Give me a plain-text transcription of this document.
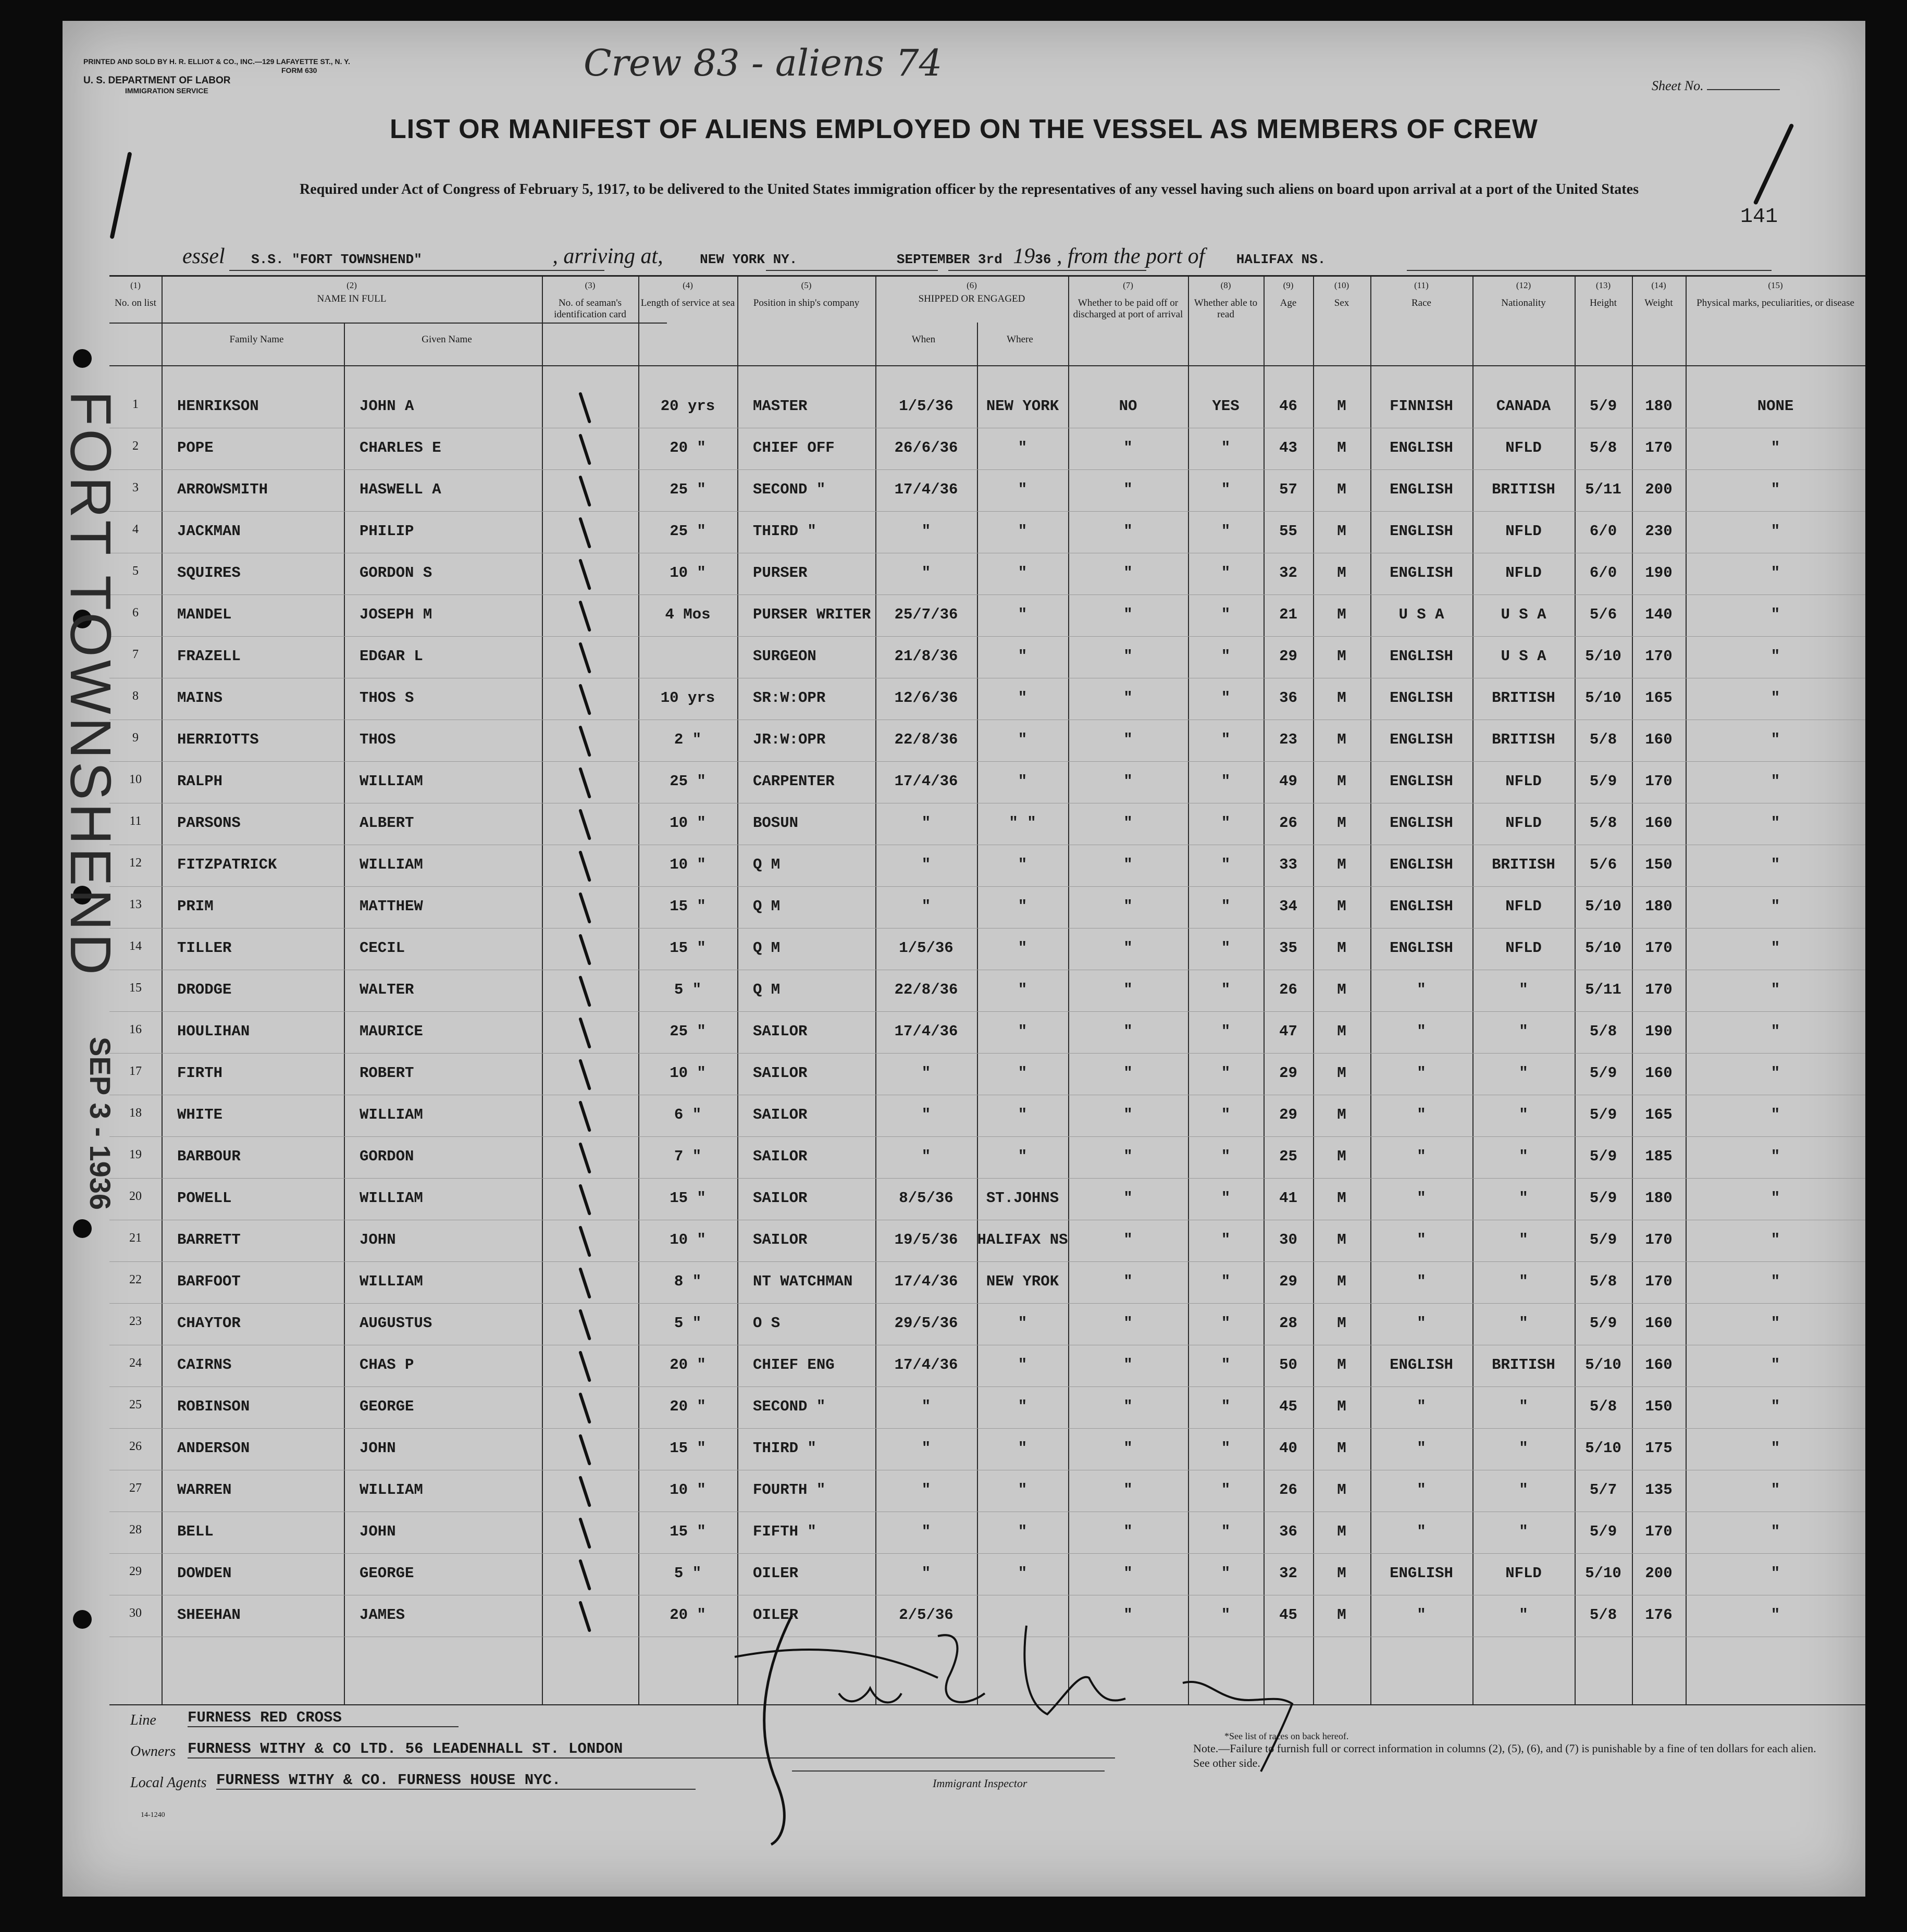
PRINTED AND SOLD BY H. R. ELLIOT & CO., INC.—129 LAFAYETTE ST., N. Y.
FORM 630
U. S. DEPARTMENT OF LABOR
IMMIGRATION SERVICE
Crew 83 - aliens 74
Sheet No.
LIST OR MANIFEST OF ALIENS EMPLOYED ON THE VESSEL AS MEMBERS OF CREW
Required under Act of Congress of February 5, 1917, to be delivered to the United States immigration officer by the representatives of any vessel having such aliens on board upon arrival at a port of the United States
141
essel S.S. "FORT TOWNSHEND"	, arriving at,	NEW YORK NY.	SEPTEMBER 3rd 1936 , from the port of HALIFAX NS.
(1)
No. on list
(2)
NAME IN FULL
Family Name	Given Name
(3)
No. of seaman's identification card
(4)
Length of service at sea
(5)
Position in ship's company
(6)
SHIPPED OR ENGAGED
When	Where
(7)
Whether to be paid off or discharged at port of arrival
(8)
Whether able to read
(9)
Age
(10)
Sex
(11)
Race
(12)
Nationality
(13)
Height
(14)
Weight
(15)
Physical marks, peculiarities, or disease
1	HENRIKSON	JOHN A	20 yrs	MASTER	1/5/36	NEW YORK	NO	YES	46	M	FINNISH	CANADA	5/9	180	NONE
2	POPE	CHARLES E	20 "	CHIEF OFF	26/6/36	"	"	"	43	M	ENGLISH	NFLD	5/8	170	"
3	ARROWSMITH	HASWELL A	25 "	SECOND "	17/4/36	"	"	"	57	M	ENGLISH	BRITISH	5/11	200	"
4	JACKMAN	PHILIP	25 "	THIRD "	"	"	"	"	55	M	ENGLISH	NFLD	6/0	230	"
5	SQUIRES	GORDON S	10 "	PURSER	"	"	"	"	32	M	ENGLISH	NFLD	6/0	190	"
6	MANDEL	JOSEPH M	4 Mos	PURSER WRITER	25/7/36	"	"	"	21	M	U S A	U S A	5/6	140	"
7	FRAZELL	EDGAR L	SURGEON	21/8/36	"	"	"	29	M	ENGLISH	U S A	5/10	170	"
8	MAINS	THOS S	10 yrs	SR:W:OPR	12/6/36	"	"	"	36	M	ENGLISH	BRITISH	5/10	165	"
9	HERRIOTTS	THOS	2 "	JR:W:OPR	22/8/36	"	"	"	23	M	ENGLISH	BRITISH	5/8	160	"
10	RALPH	WILLIAM	25 "	CARPENTER	17/4/36	"	"	"	49	M	ENGLISH	NFLD	5/9	170	"
11	PARSONS	ALBERT	10 "	BOSUN	"	" "	"	"	26	M	ENGLISH	NFLD	5/8	160	"
12	FITZPATRICK	WILLIAM	10 "	Q M	"	"	"	"	33	M	ENGLISH	BRITISH	5/6	150	"
13	PRIM	MATTHEW	15 "	Q M	"	"	"	"	34	M	ENGLISH	NFLD	5/10	180	"
14	TILLER	CECIL	15 "	Q M	1/5/36	"	"	"	35	M	ENGLISH	NFLD	5/10	170	"
15	DRODGE	WALTER	5 "	Q M	22/8/36	"	"	"	26	M	"	"	5/11	170	"
16	HOULIHAN	MAURICE	25 "	SAILOR	17/4/36	"	"	"	47	M	"	"	5/8	190	"
17	FIRTH	ROBERT	10 "	SAILOR	"	"	"	"	29	M	"	"	5/9	160	"
18	WHITE	WILLIAM	6 "	SAILOR	"	"	"	"	29	M	"	"	5/9	165	"
19	BARBOUR	GORDON	7 "	SAILOR	"	"	"	"	25	M	"	"	5/9	185	"
20	POWELL	WILLIAM	15 "	SAILOR	8/5/36	ST.JOHNS	"	"	41	M	"	"	5/9	180	"
21	BARRETT	JOHN	10 "	SAILOR	19/5/36	HALIFAX NS	"	"	30	M	"	"	5/9	170	"
22	BARFOOT	WILLIAM	8 "	NT WATCHMAN	17/4/36	NEW YROK	"	"	29	M	"	"	5/8	170	"
23	CHAYTOR	AUGUSTUS	5 "	O S	29/5/36	"	"	"	28	M	"	"	5/9	160	"
24	CAIRNS	CHAS P	20 "	CHIEF ENG	17/4/36	"	"	"	50	M	ENGLISH	BRITISH	5/10	160	"
25	ROBINSON	GEORGE	20 "	SECOND "	"	"	"	"	45	M	"	"	5/8	150	"
26	ANDERSON	JOHN	15 "	THIRD "	"	"	"	"	40	M	"	"	5/10	175	"
27	WARREN	WILLIAM	10 "	FOURTH "	"	"	"	"	26	M	"	"	5/7	135	"
28	BELL	JOHN	15 "	FIFTH "	"	"	"	"	36	M	"	"	5/9	170	"
29	DOWDEN	GEORGE	5 "	OILER	"	"	"	"	32	M	ENGLISH	NFLD	5/10	200	"
30	SHEEHAN	JAMES	20 "	OILER	2/5/36	"	"	45	M	"	"	5/8	176	"
FORT TOWNSHEND
SEP 3 - 1936
Line FURNESS RED CROSS
Owners FURNESS WITHY & CO LTD. 56 LEADENHALL ST. LONDON
Local Agents FURNESS WITHY & CO. FURNESS HOUSE NYC.	Immigrant Inspector
*See list of races on back hereof.
Note.—Failure to furnish full or correct information in columns (2), (5), (6), and (7) is punishable by a fine of ten dollars for each alien. See other side.
14-1240
